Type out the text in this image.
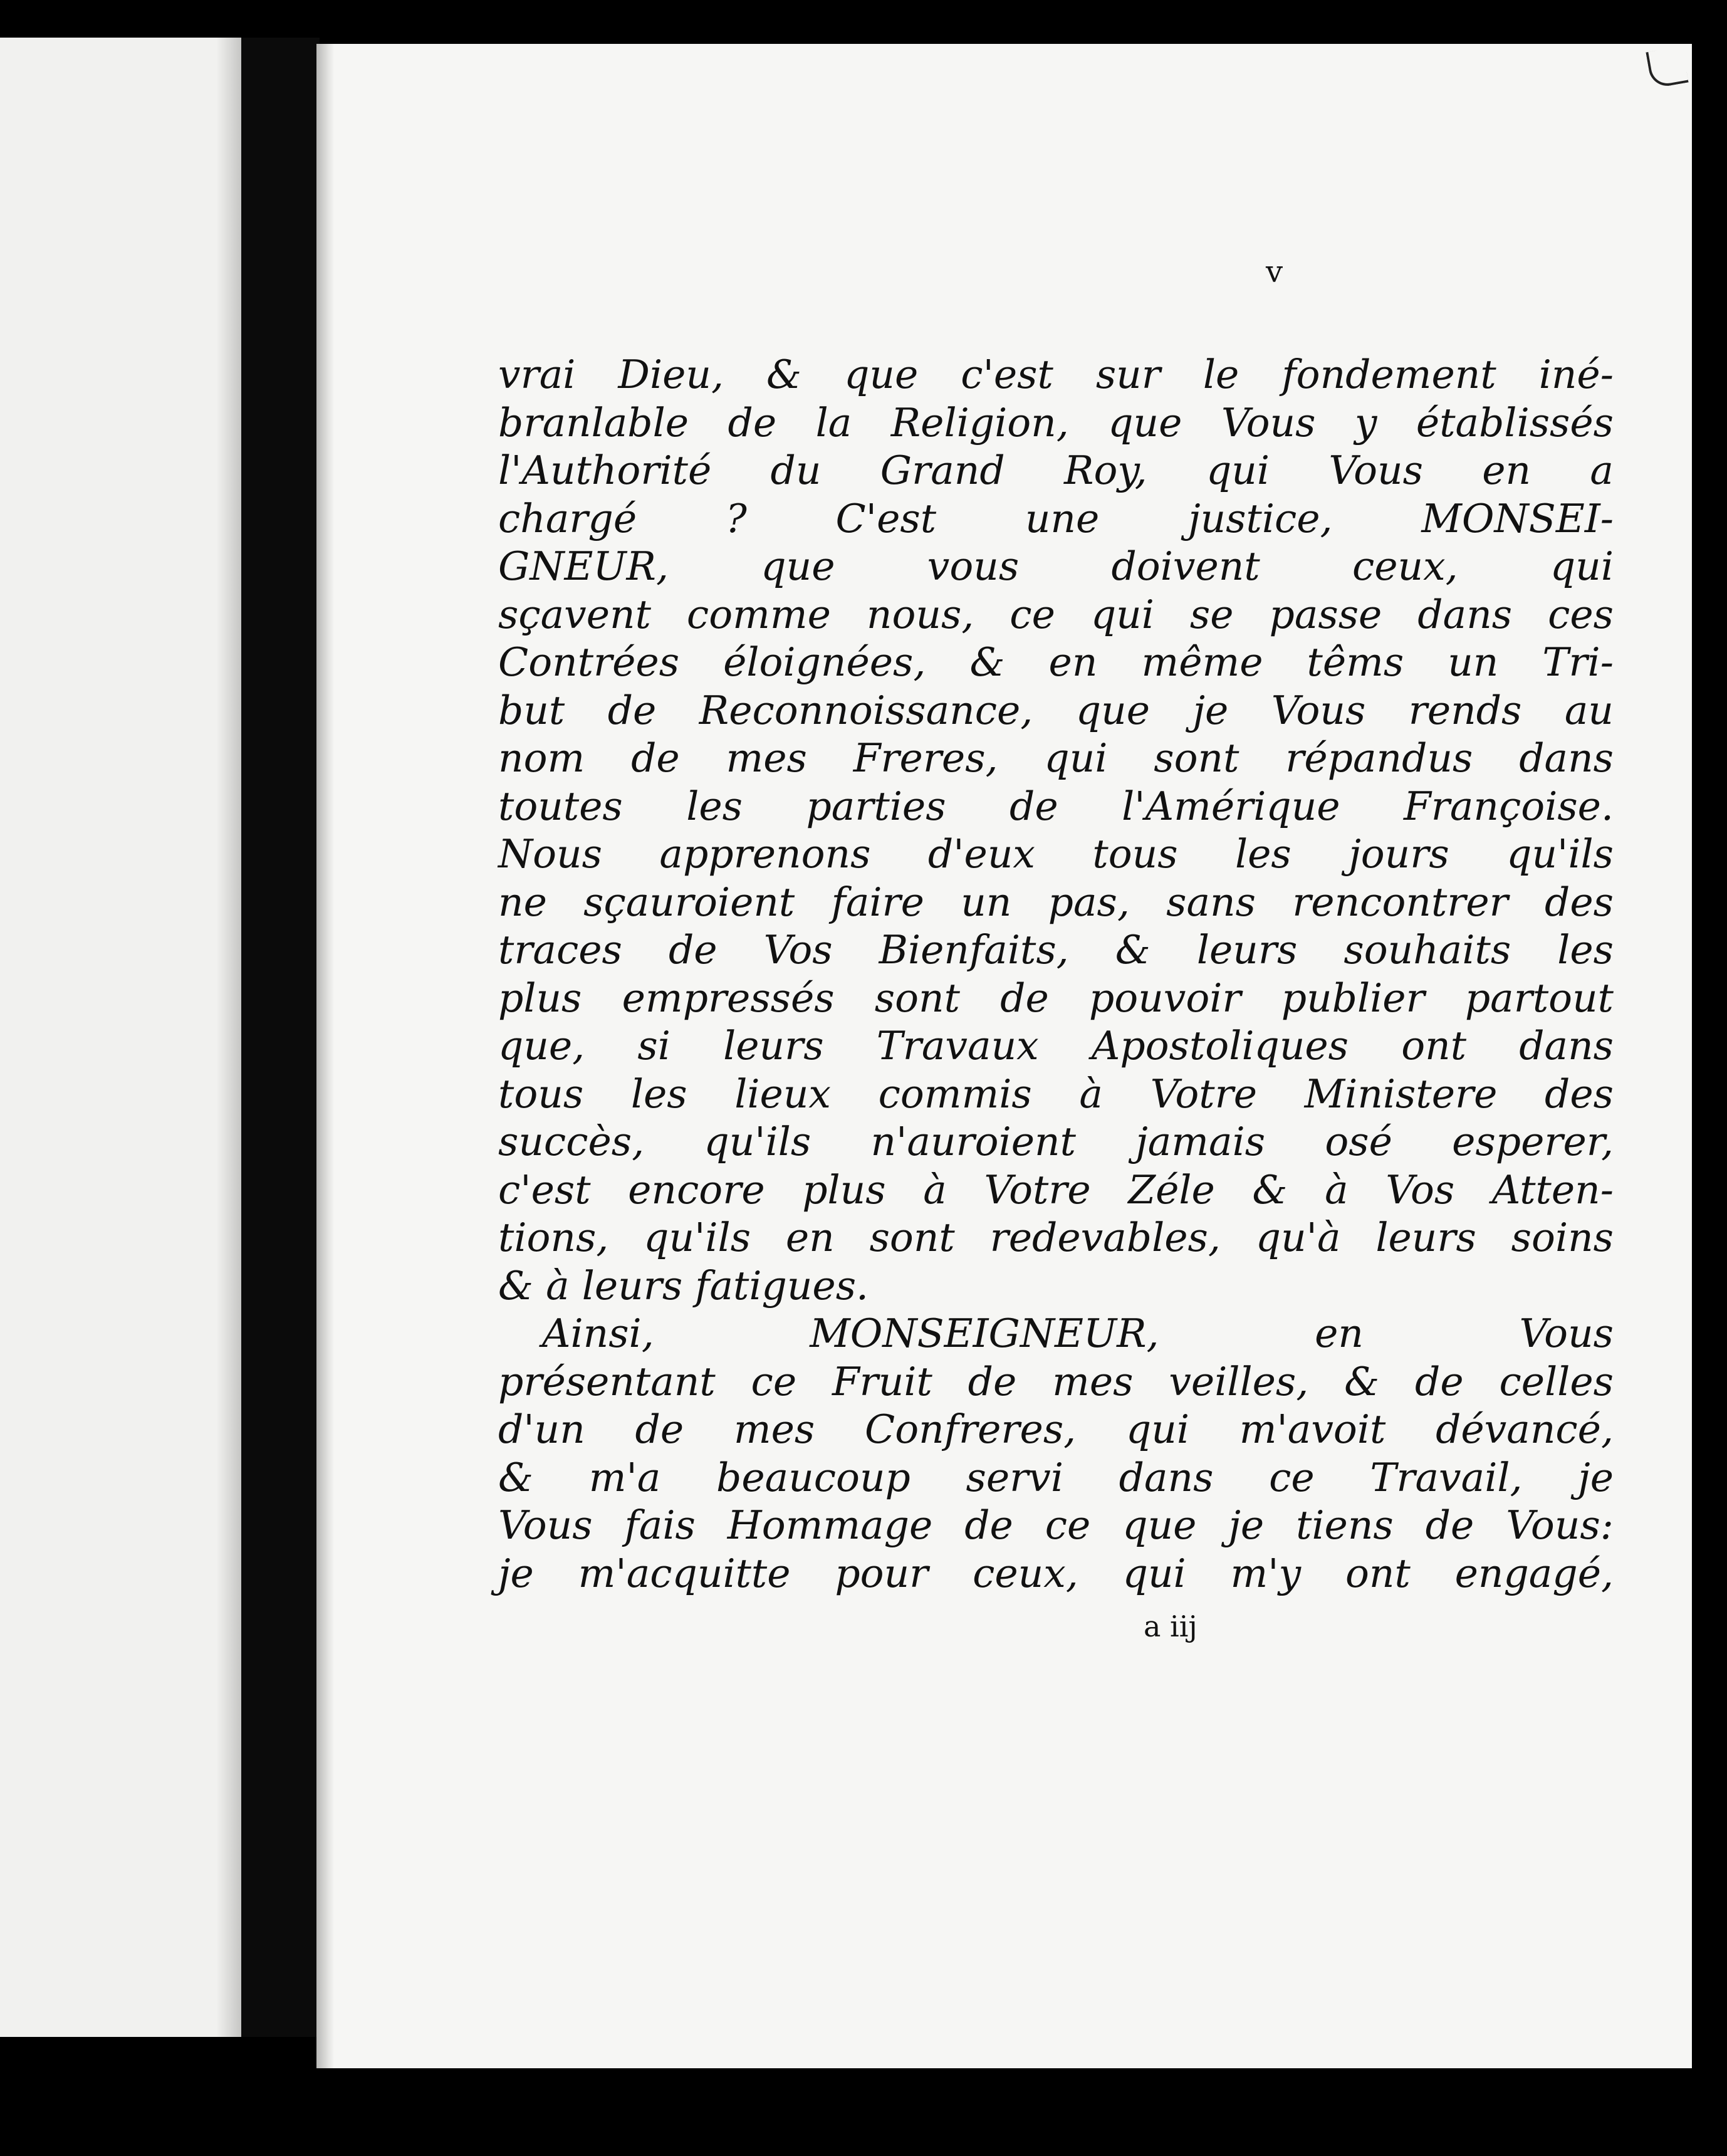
v
vrai Dieu, & que c'est sur le fondement iné-
branlable de la Religion, que Vous y établissés
l'Authorité du Grand Roy, qui Vous en a
chargé ? C'est une justice, MONSEI-
GNEUR, que vous doivent ceux, qui
sçavent comme nous, ce qui se passe dans ces
Contrées éloignées, & en même têms un Tri-
but de Reconnoissance, que je Vous rends au
nom de mes Freres, qui sont répandus dans
toutes les parties de l'Amérique Françoise.
Nous apprenons d'eux tous les jours qu'ils
ne sçauroient faire un pas, sans rencontrer des
traces de Vos Bienfaits, & leurs souhaits les
plus empressés sont de pouvoir publier partout
que, si leurs Travaux Apostoliques ont dans
tous les lieux commis à Votre Ministere des
succès, qu'ils n'auroient jamais osé esperer,
c'est encore plus à Votre Zéle & à Vos Atten-
tions, qu'ils en sont redevables, qu'à leurs soins
& à leurs fatigues.
Ainsi, MONSEIGNEUR, en Vous
présentant ce Fruit de mes veilles, & de celles
d'un de mes Confreres, qui m'avoit dévancé,
& m'a beaucoup servi dans ce Travail, je
Vous fais Hommage de ce que je tiens de Vous:
je m'acquitte pour ceux, qui m'y ont engagé,
a iij
